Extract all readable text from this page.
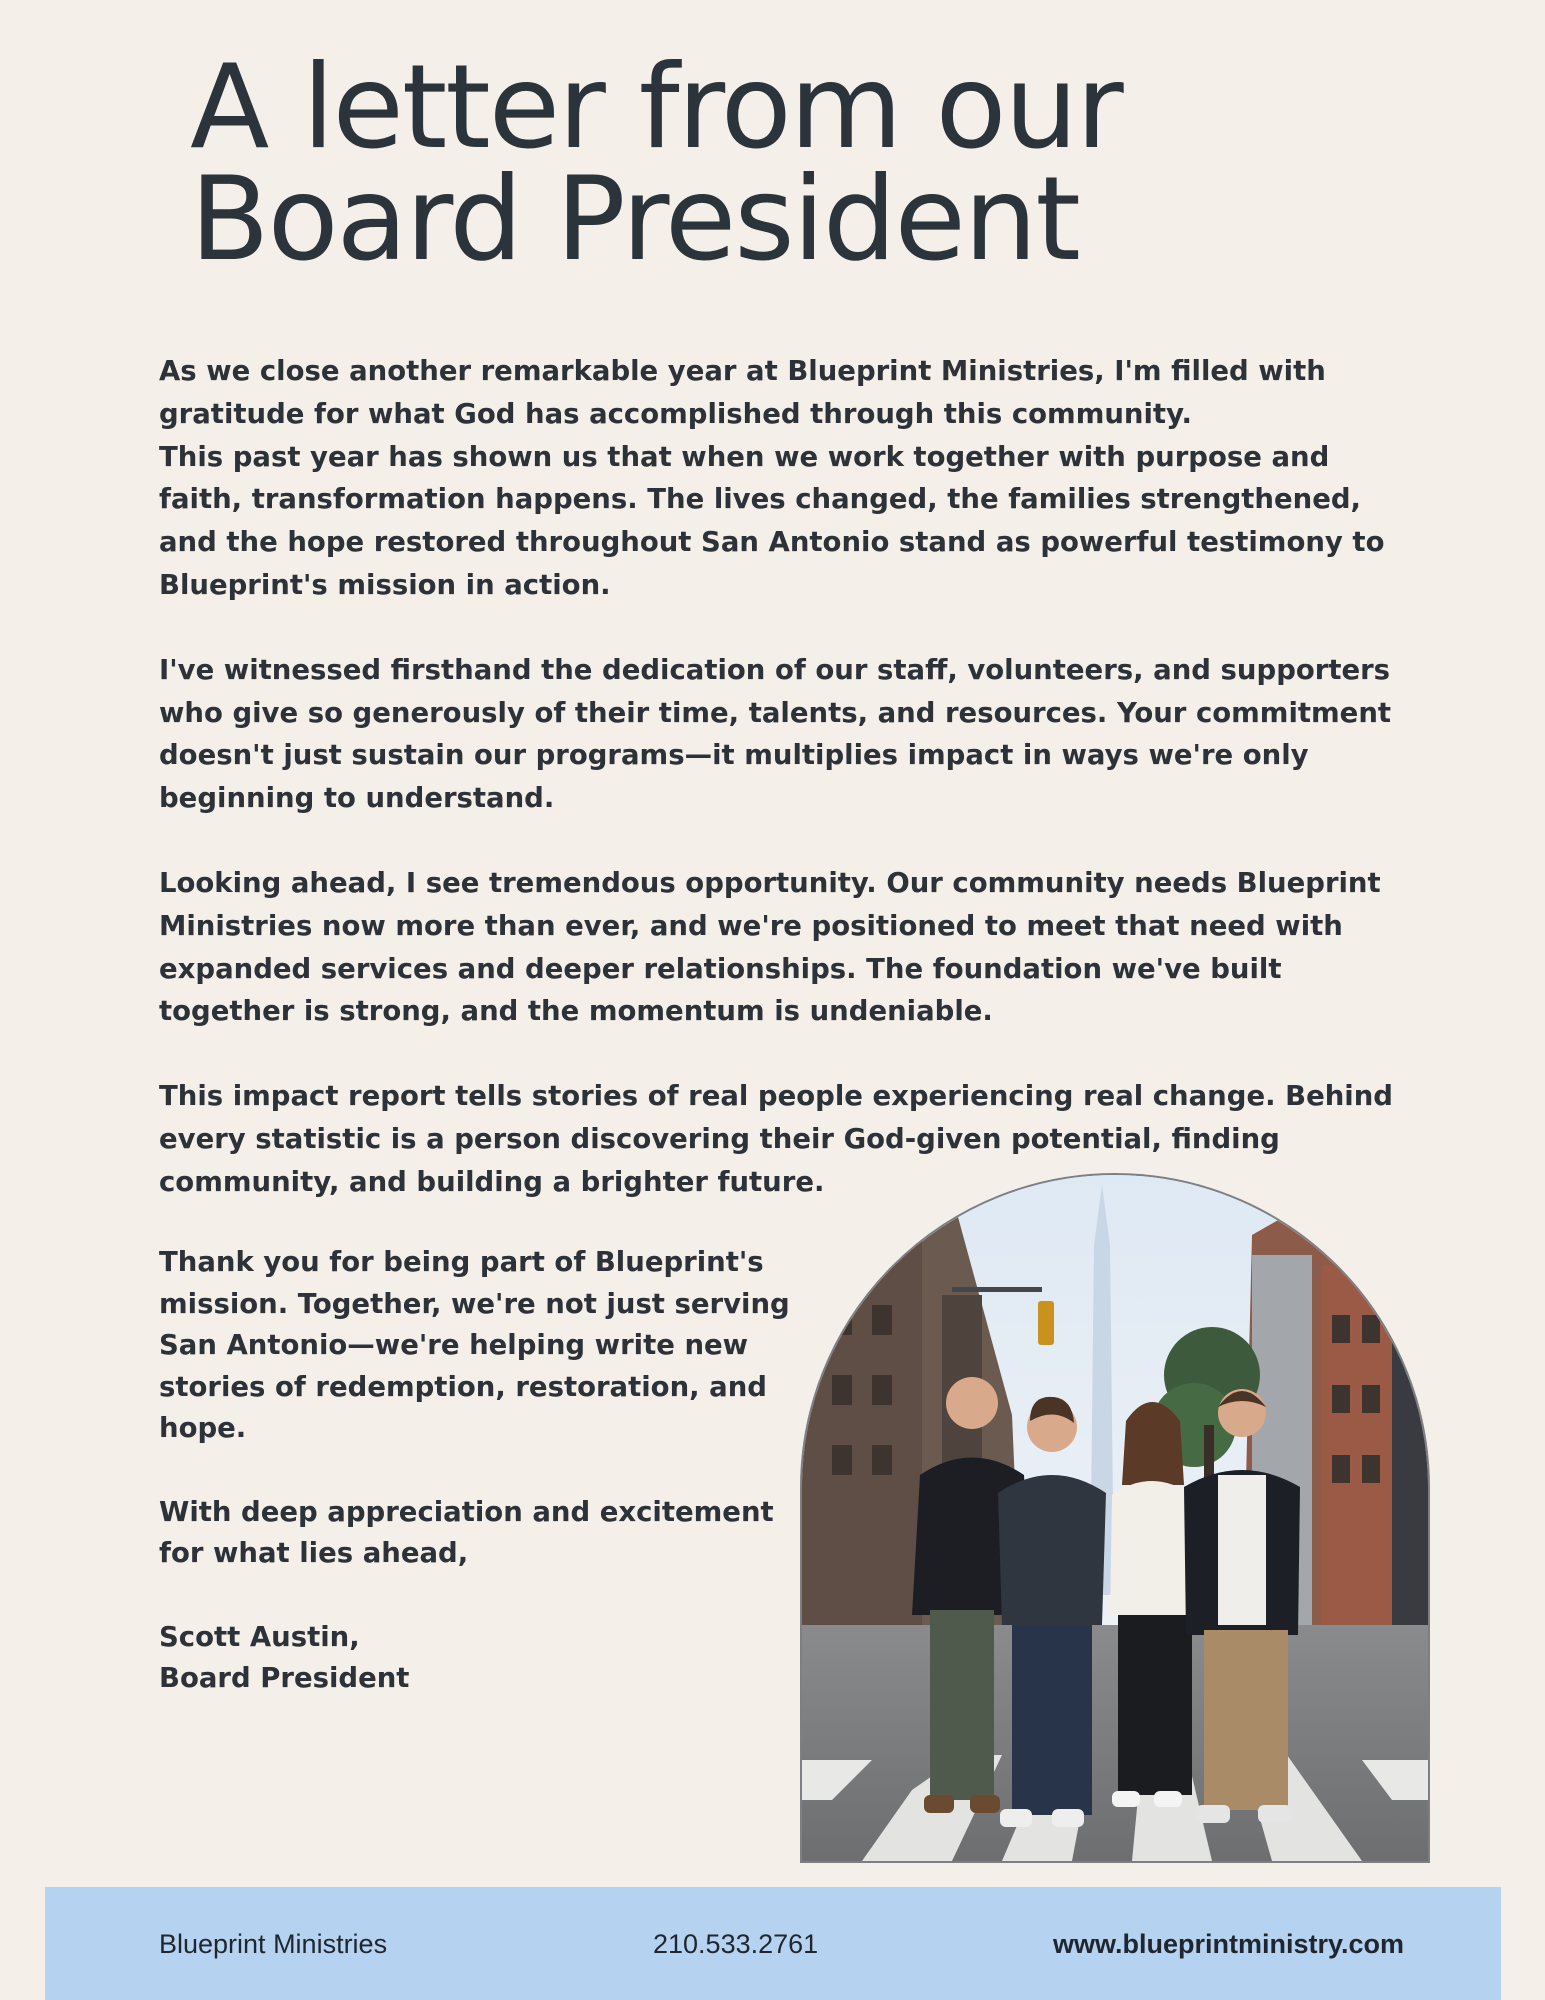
A letter from our
Board President

As we close another remarkable year at Blueprint Ministries, I'm filled with gratitude for what God has accomplished through this community.

This past year has shown us that when we work together with purpose and faith, transformation happens. The lives changed, the families strengthened, and the hope restored throughout San Antonio stand as powerful testimony to Blueprint's mission in action.

I've witnessed firsthand the dedication of our staff, volunteers, and supporters who give so generously of their time, talents, and resources. Your commitment doesn't just sustain our programs—it multiplies impact in ways we're only beginning to understand.

Looking ahead, I see tremendous opportunity. Our community needs Blueprint Ministries now more than ever, and we're positioned to meet that need with expanded services and deeper relationships. The foundation we've built together is strong, and the momentum is undeniable.

This impact report tells stories of real people experiencing real change. Behind every statistic is a person discovering their God-given potential, finding community, and building a brighter future.

Thank you for being part of Blueprint's mission. Together, we're not just serving San Antonio—we're helping write new stories of redemption, restoration, and hope.

With deep appreciation and excitement for what lies ahead,

Scott Austin,

Board President

Blueprint Ministries	210.533.2761	www.blueprintministry.com
